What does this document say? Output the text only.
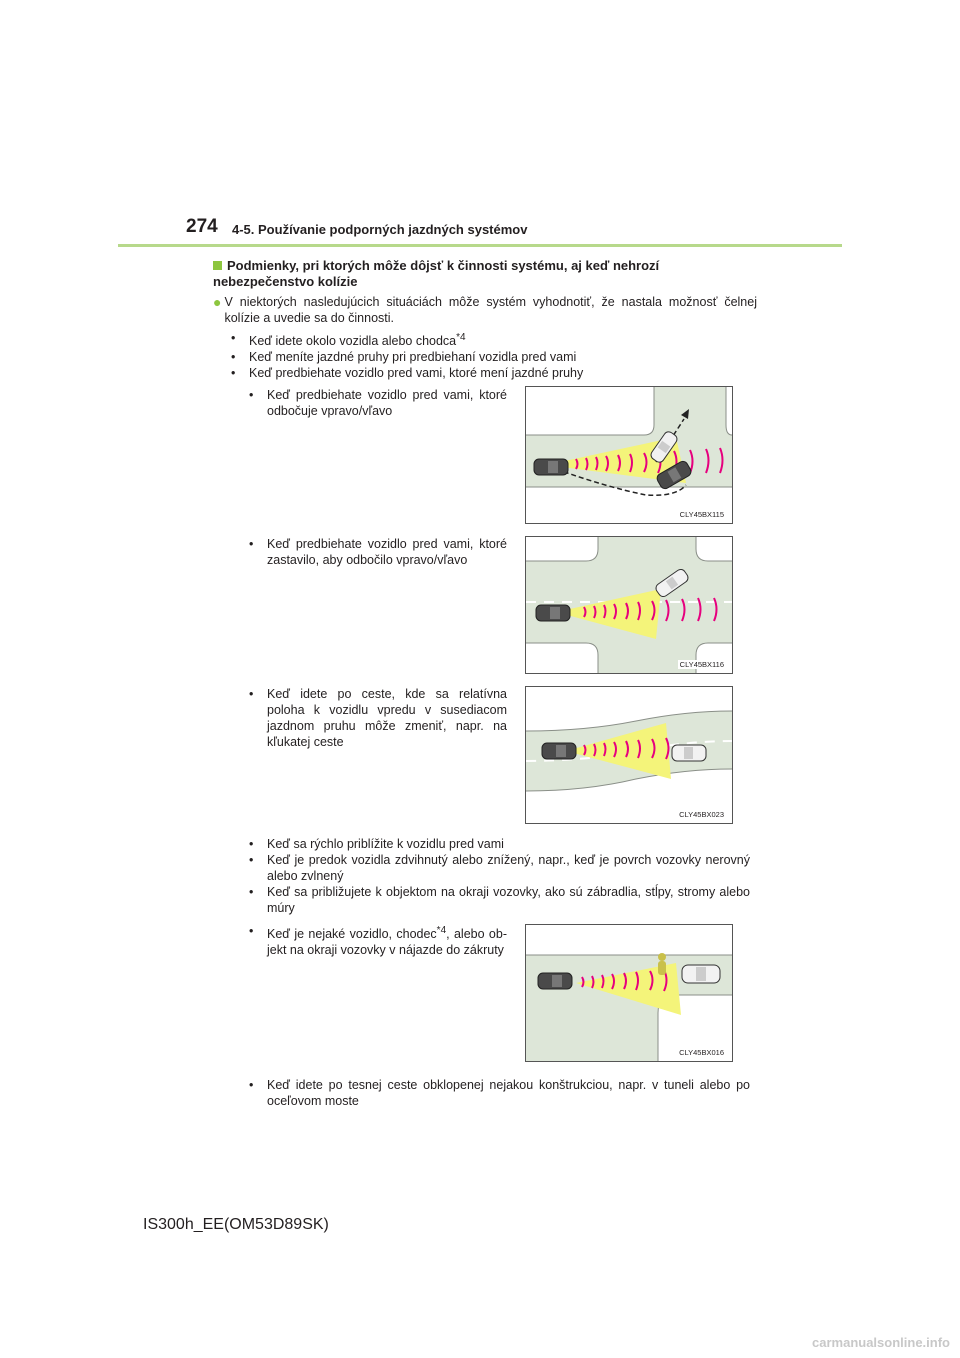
274 4-5. Používanie podporných jazdných systémov
Podmienky, pri ktorých môže dôjsť k činnosti systému, aj keď nehrozí nebezpečenstvo kolízie
● V niektorých nasledujúcich situáciách môže systém vyhodnotiť, že nastala možnosť čelnej kolízie a uvedie sa do činnosti.
•	Keď idete okolo vozidla alebo chodca$^{*4}$
•	Keď meníte jazdné pruhy pri predbiehaní vozidla pred vami
•	Keď predbiehate vozidlo pred vami, ktoré mení jazdné pruhy
•	Keď predbiehate vozidlo pred vami, ktoré odbočuje vpravo/vľavo
CLY45BX115
•	Keď predbiehate vozidlo pred vami, ktoré zastavilo, aby odbočilo vpravo/vľavo
CLY45BX116
•	Keď idete po ceste, kde sa relatívna poloha k vozidlu vpredu v susediacom jazdnom pruhu môže zmeniť, napr. na kľukatej ceste
CLY45BX023
•	Keď sa rýchlo priblížite k vozidlu pred vami
•	Keď je predok vozidla zdvihnutý alebo znížený, napr., keď je povrch vozovky nerovný alebo zvlnený
•	Keď sa približujete k objektom na okraji vozovky, ako sú zábradlia, stĺpy, stromy alebo múry
•	Keď je nejaké vozidlo, chodec$^{*4}$, alebo objekt na okraji vozovky v nájazde do zákruty
CLY45BX016
•	Keď idete po tesnej ceste obklopenej nejakou konštrukciou, napr. v tuneli alebo po oceľovom moste
IS300h_EE(OM53D89SK)
carmanualsonline.info
